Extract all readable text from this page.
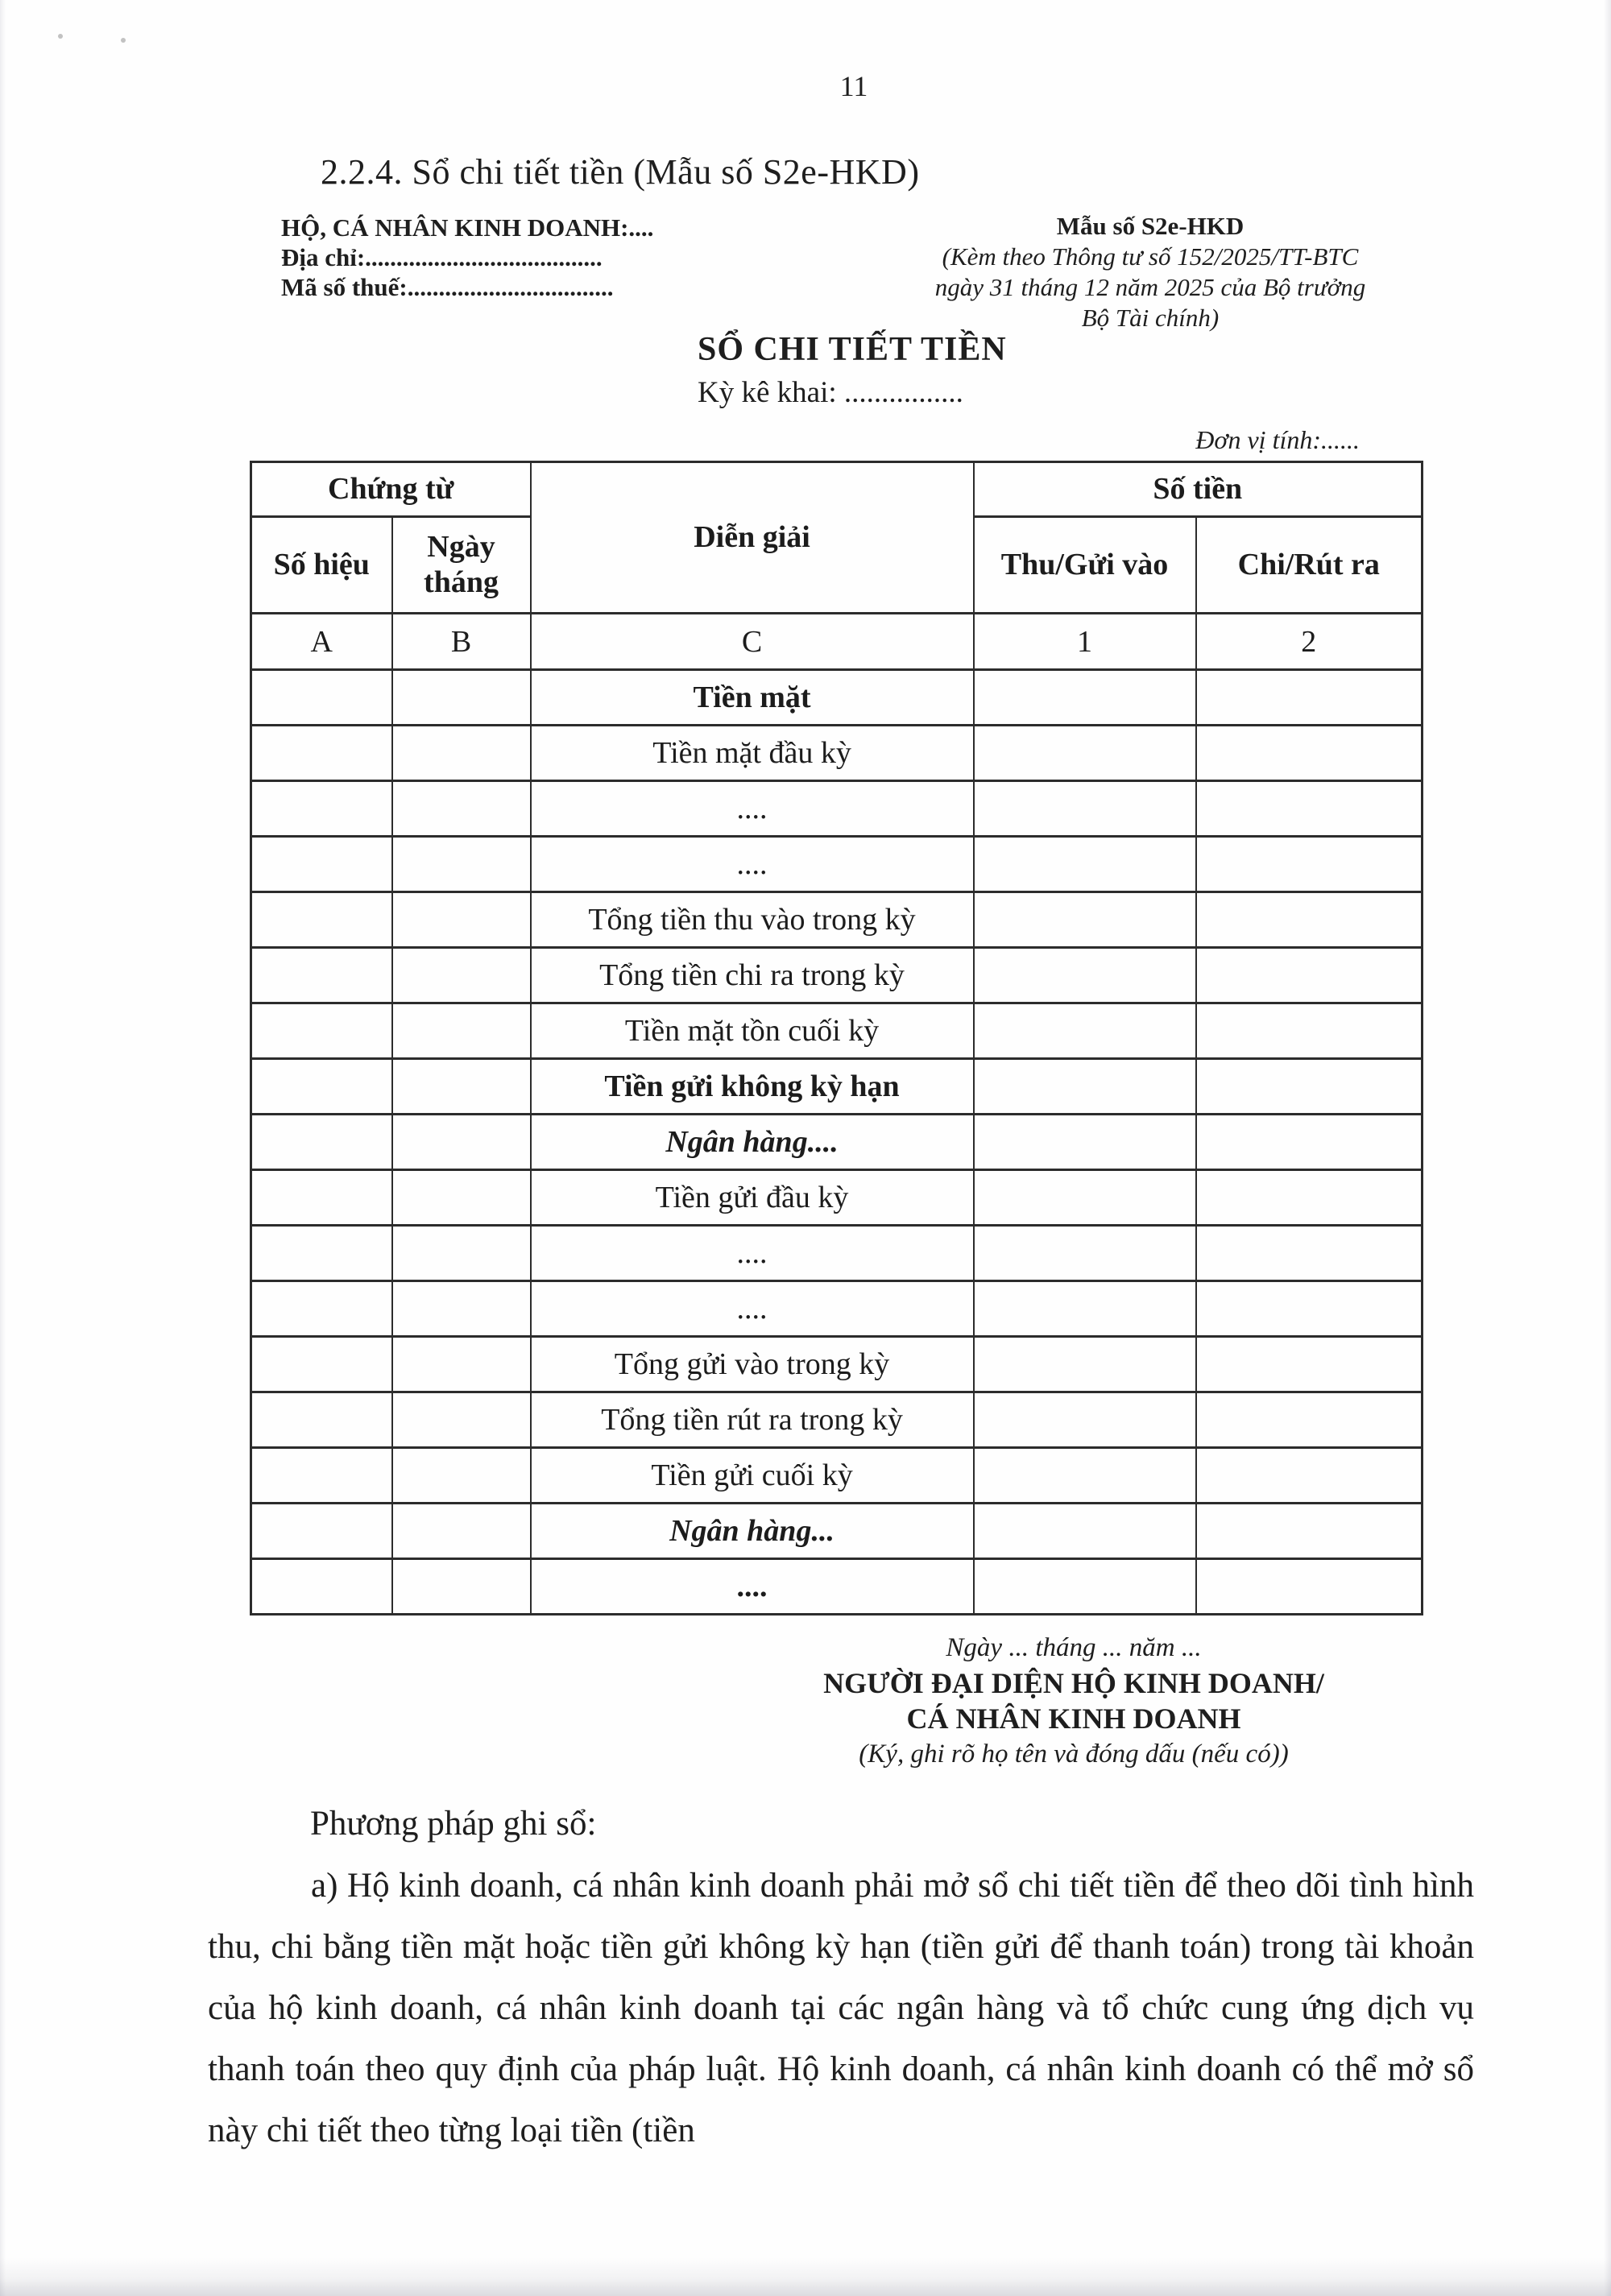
11
2.2.4. Sổ chi tiết tiền (Mẫu số S2e-HKD)
HỘ, CÁ NHÂN KINH DOANH:....
Địa chỉ:......................................
Mã số thuế:.................................
Mẫu số S2e-HKD
(Kèm theo Thông tư số 152/2025/TT-BTC
ngày 31 tháng 12 năm 2025 của Bộ trưởng
Bộ Tài chính)
SỔ CHI TIẾT TIỀN
Kỳ kê khai: ................
Đơn vị tính:......
Chứng từ		Diễn giải	Số tiền	
Số hiệu	Ngày tháng		Thu/Gửi vào	Chi/Rút ra
A	B	C	1	2
		Tiền mặt		
		Tiền mặt đầu kỳ		
		....		
		....		
		Tổng tiền thu vào trong kỳ		
		Tổng tiền chi ra trong kỳ		
		Tiền mặt tồn cuối kỳ		
		Tiền gửi không kỳ hạn		
		Ngân hàng....		
		Tiền gửi đầu kỳ		
		....		
		....		
		Tổng gửi vào trong kỳ		
		Tổng tiền rút ra trong kỳ		
		Tiền gửi cuối kỳ		
		Ngân hàng...		
		....		
Ngày ... tháng ... năm ...
NGƯỜI ĐẠI DIỆN HỘ KINH DOANH/
CÁ NHÂN KINH DOANH
(Ký, ghi rõ họ tên và đóng dấu (nếu có))
Phương pháp ghi sổ:
a) Hộ kinh doanh, cá nhân kinh doanh phải mở sổ chi tiết tiền để theo dõi tình hình thu, chi bằng tiền mặt hoặc tiền gửi không kỳ hạn (tiền gửi để thanh toán) trong tài khoản của hộ kinh doanh, cá nhân kinh doanh tại các ngân hàng và tổ chức cung ứng dịch vụ thanh toán theo quy định của pháp luật. Hộ kinh doanh, cá nhân kinh doanh có thể mở sổ này chi tiết theo từng loại tiền (tiền
